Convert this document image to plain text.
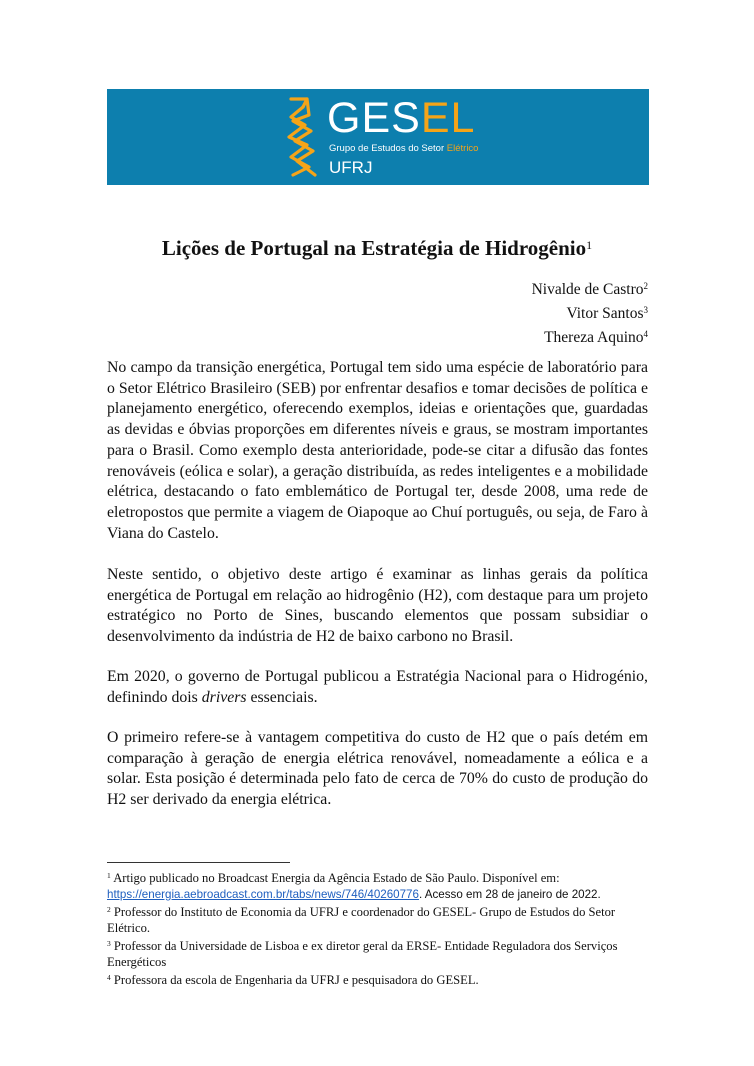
GESEL
Grupo de Estudos do Setor Elétrico
UFRJ
Lições de Portugal na Estratégia de Hidrogênio$^1$
Nivalde de Castro$^2$
Vitor Santos$^3$
Thereza Aquino$^4$

No campo da transição energética, Portugal tem sido uma espécie de laboratório para o Setor Elétrico Brasileiro (SEB) por enfrentar desafios e tomar decisões de política e planejamento energético, oferecendo exemplos, ideias e orientações que, guardadas as devidas e óbvias proporções em diferentes níveis e graus, se mostram importantes para o Brasil. Como exemplo desta anterioridade, pode-se citar a difusão das fontes renováveis (eólica e solar), a geração distribuída, as redes inteligentes e a mobilidade elétrica, destacando o fato emblemático de Portugal ter, desde 2008, uma rede de eletropostos que permite a viagem de Oiapoque ao Chuí português, ou seja, de Faro à Viana do Castelo.

Neste sentido, o objetivo deste artigo é examinar as linhas gerais da política energética de Portugal em relação ao hidrogênio (H2), com destaque para um projeto estratégico no Porto de Sines, buscando elementos que possam subsidiar o desenvolvimento da indústria de H2 de baixo carbono no Brasil.

Em 2020, o governo de Portugal publicou a Estratégia Nacional para o Hidrogénio, definindo dois drivers essenciais.

O primeiro refere-se à vantagem competitiva do custo de H2 que o país detém em comparação à geração de energia elétrica renovável, nomeadamente a eólica e a solar. Esta posição é determinada pelo fato de cerca de 70% do custo de produção do H2 ser derivado da energia elétrica.

$^1$ Artigo publicado no Broadcast Energia da Agência Estado de São Paulo. Disponível em:
https://energia.aebroadcast.com.br/tabs/news/746/40260776. Acesso em 28 de janeiro de 2022.

$^2$ Professor do Instituto de Economia da UFRJ e coordenador do GESEL- Grupo de Estudos do Setor Elétrico.

$^3$ Professor da Universidade de Lisboa e ex diretor geral da ERSE- Entidade Reguladora dos Serviços Energéticos

$^4$ Professora da escola de Engenharia da UFRJ e pesquisadora do GESEL.
